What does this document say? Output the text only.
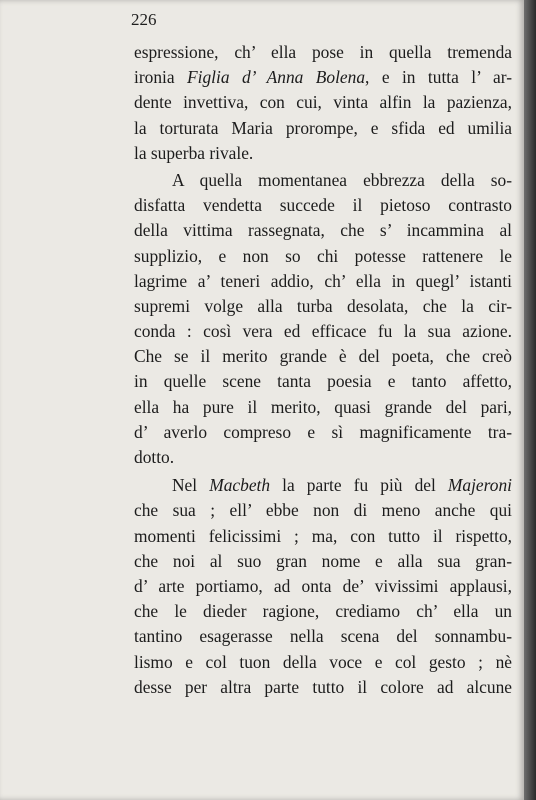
226
espressione, ch’ ella pose in quella tremenda
ironia Figlia d’ Anna Bolena, e in tutta l’ ar-
dente invettiva, con cui, vinta alfin la pazienza,
la torturata Maria prorompe, e sfida ed umilia
la superba rivale.
A quella momentanea ebbrezza della so-
disfatta vendetta succede il pietoso contrasto
della vittima rassegnata, che s’ incammina al
supplizio, e non so chi potesse rattenere le
lagrime a’ teneri addio, ch’ ella in quegl’ istanti
supremi volge alla turba desolata, che la cir-
conda : così vera ed efficace fu la sua azione.
Che se il merito grande è del poeta, che creò
in quelle scene tanta poesia e tanto affetto,
ella ha pure il merito, quasi grande del pari,
d’ averlo compreso e sì magnificamente tra-
dotto.
Nel Macbeth la parte fu più del Majeroni
che sua ; ell’ ebbe non di meno anche qui
momenti felicissimi ; ma, con tutto il rispetto,
che noi al suo gran nome e alla sua gran-
d’ arte portiamo, ad onta de’ vivissimi applausi,
che le dieder ragione, crediamo ch’ ella un
tantino esagerasse nella scena del sonnambu-
lismo e col tuon della voce e col gesto ; nè
desse per altra parte tutto il colore ad alcune
